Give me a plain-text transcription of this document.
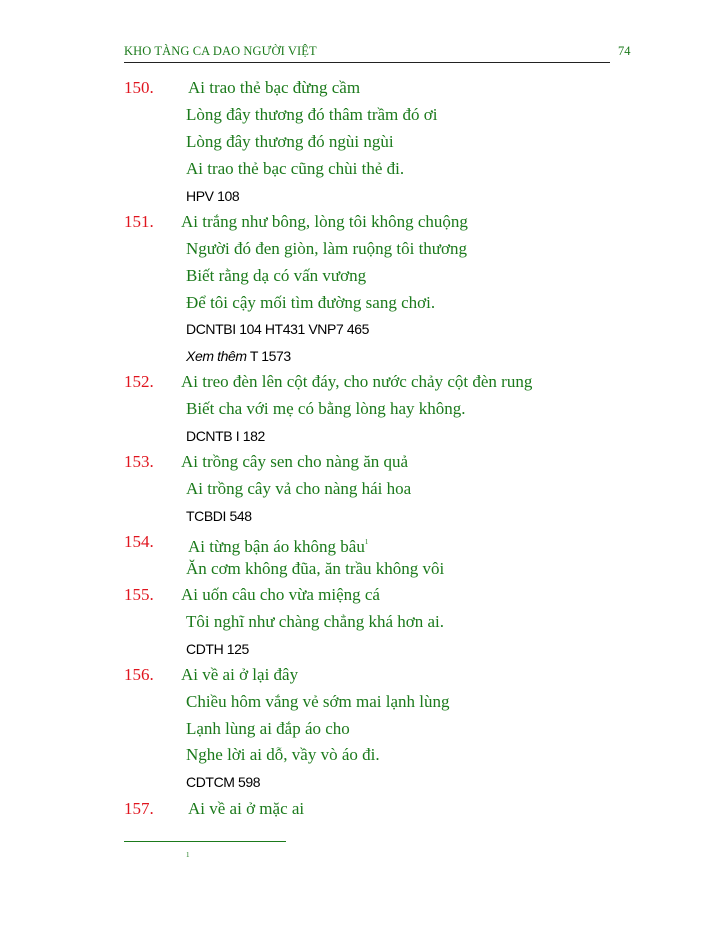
KHO TÀNG CA DAO NGƯỜI VIỆT	74
150. Ai trao thẻ bạc đừng cầm
Lòng đây thương đó thâm trầm đó ơi
Lòng đây thương đó ngùi ngùi
Ai trao thẻ bạc cũng chùi thẻ đi.
HPV 108
151. Ai trắng như bông, lòng tôi không chuộng
Người đó đen giòn, làm ruộng tôi thương
Biết rằng dạ có vấn vương
Để tôi cậy mối tìm đường sang chơi.
DCNTBI 104 HT431 VNP7 465
Xem thêm T 1573
152. Ai treo đèn lên cột đáy, cho nước chảy cột đèn rung
Biết cha với mẹ có bằng lòng hay không.
DCNTB I 182
153. Ai trồng cây sen cho nàng ăn quả
Ai trồng cây vả cho nàng hái hoa
TCBDI 548
154. Ai từng bận áo không bâu$^1$
Ăn cơm không đũa, ăn trầu không vôi
155. Ai uốn câu cho vừa miệng cá
Tôi nghĩ như chàng chẳng khá hơn ai.
CDTH 125
156. Ai về ai ở lại đây
Chiều hôm vắng vẻ sớm mai lạnh lùng
Lạnh lùng ai đắp áo cho
Nghe lời ai dỗ, vầy vò áo đi.
CDTCM 598
157. Ai về ai ở mặc ai
1
